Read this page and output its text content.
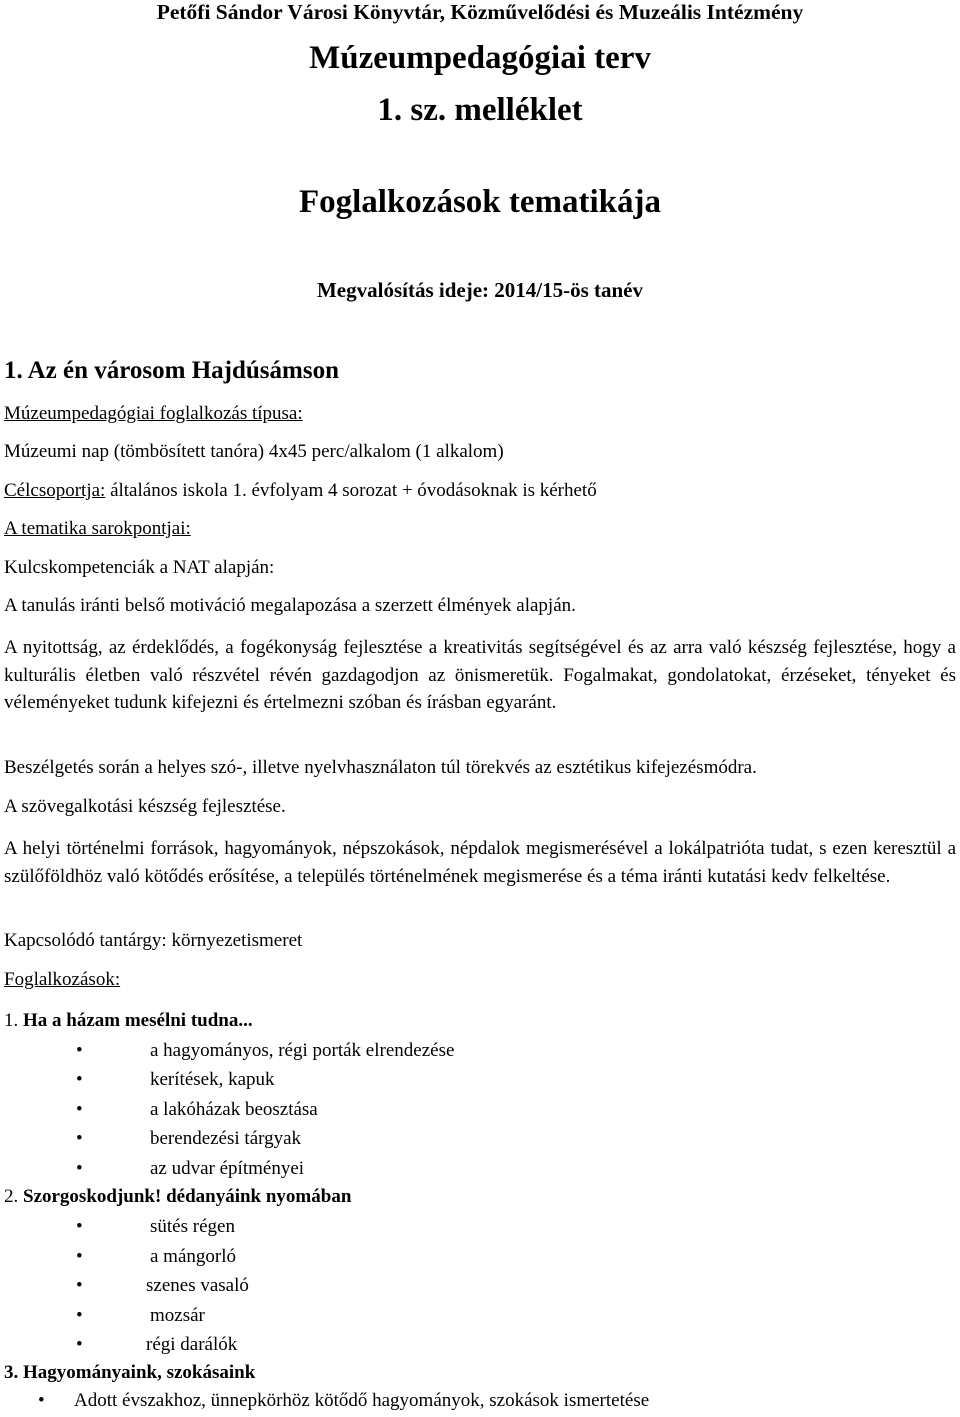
Petőfi Sándor Városi Könyvtár, Közművelődési és Muzeális Intézmény
Múzeumpedagógiai terv
1. sz. melléklet
Foglalkozások tematikája
Megvalósítás ideje: 2014/15-ös tanév
1. Az én városom Hajdúsámson
Múzeumpedagógiai foglalkozás típusa:
Múzeumi nap (tömbösített tanóra) 4x45 perc/alkalom (1 alkalom)
Célcsoportja: általános iskola 1. évfolyam 4 sorozat + óvodásoknak is kérhető
A tematika sarokpontjai:
Kulcskompetenciák a NAT alapján:
A tanulás iránti belső motiváció megalapozása a szerzett élmények alapján.
A nyitottság, az érdeklődés, a fogékonyság fejlesztése a kreativitás segítségével és az arra való készség fejlesztése, hogy a kulturális életben való részvétel révén gazdagodjon az önismeretük. Fogalmakat, gondolatokat, érzéseket, tényeket és véleményeket tudunk kifejezni és értelmezni szóban és írásban egyaránt.
Beszélgetés során a helyes szó-, illetve nyelvhasználaton túl törekvés az esztétikus kifejezésmódra.
A szövegalkotási készség fejlesztése.
A helyi történelmi források, hagyományok, népszokások, népdalok megismerésével a lokálpatrióta tudat, s ezen keresztül a szülőföldhöz való kötődés erősítése, a település történelmének megismerése és a téma iránti kutatási kedv felkeltése.
Kapcsolódó tantárgy: környezetismeret
Foglalkozások:
1. Ha a házam mesélni tudna...
•	a hagyományos, régi porták elrendezése
•	kerítések, kapuk
•	a lakóházak beosztása
•	berendezési tárgyak
•	az udvar építményei
2. Szorgoskodjunk! dédanyáink nyomában
•	sütés régen
•	a mángorló
•	szenes vasaló
•	mozsár
•	régi darálók
3. Hagyományaink, szokásaink
• Adott évszakhoz, ünnepkörhöz kötődő hagyományok, szokások ismertetése
